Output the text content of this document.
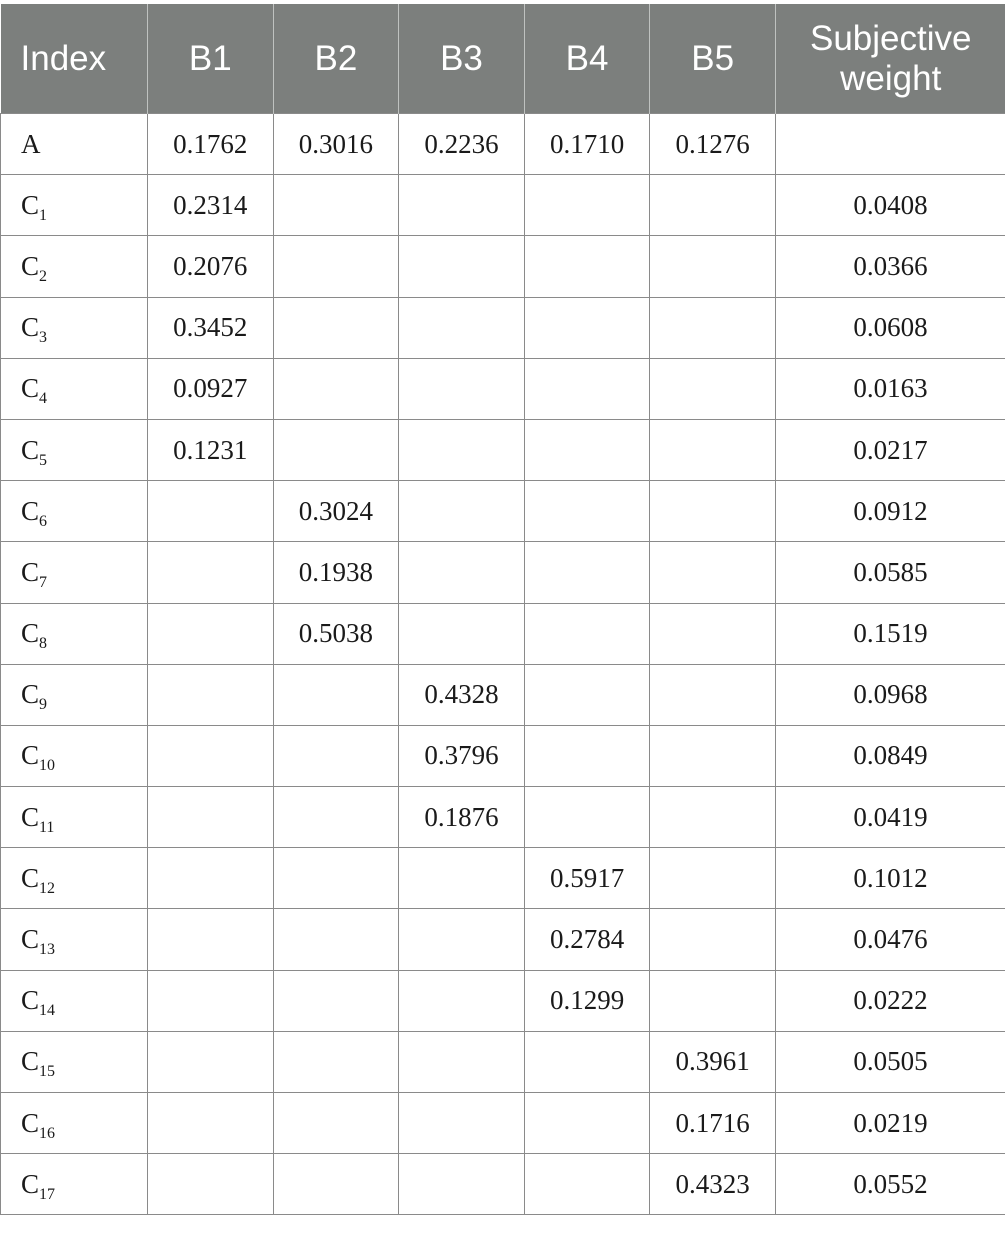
Index	B1	B2	B3	B4	B5	Subjective weight
A	0.1762	0.3016	0.2236	0.1710	0.1276	
$C_1$	0.2314					0.0408
$C_2$	0.2076					0.0366
$C_3$	0.3452					0.0608
$C_4$	0.0927					0.0163
$C_5$	0.1231					0.0217
$C_6$		0.3024				0.0912
$C_7$		0.1938				0.0585
$C_8$		0.5038				0.1519
$C_9$			0.4328			0.0968
$C_{10}$			0.3796			0.0849
$C_{11}$			0.1876			0.0419
$C_{12}$				0.5917		0.1012
$C_{13}$				0.2784		0.0476
$C_{14}$				0.1299		0.0222
$C_{15}$					0.3961	0.0505
$C_{16}$					0.1716	0.0219
$C_{17}$					0.4323	0.0552
